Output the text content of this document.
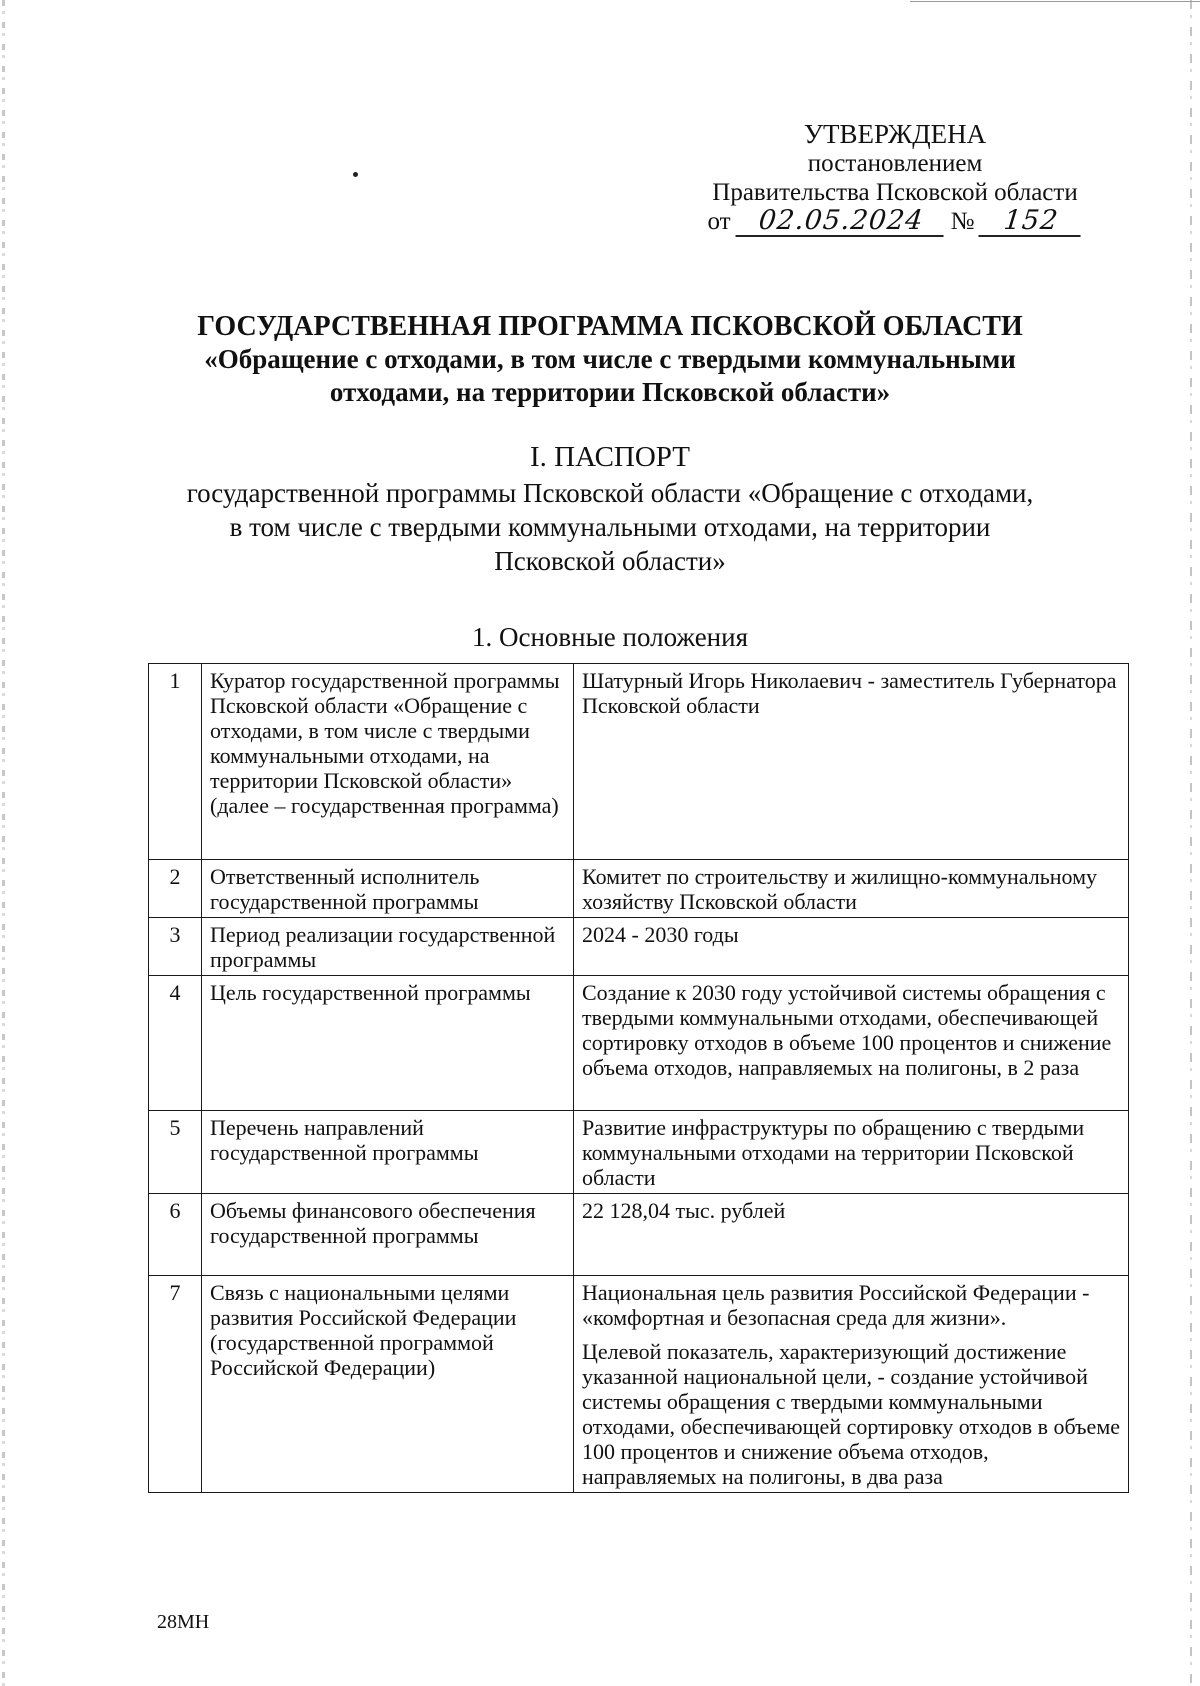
УТВЕРЖДЕНА
постановлением
Правительства Псковской области
от 02.05.2024	№	152
ГОСУДАРСТВЕННАЯ ПРОГРАММА ПСКОВСКОЙ ОБЛАСТИ
«Обращение с отходами, в том числе с твердыми коммунальными
отходами, на территории Псковской области»
I. ПАСПОРТ
государственной программы Псковской области «Обращение с отходами,
в том числе с твердыми коммунальными отходами, на территории
Псковской области»
1. Основные положения
1	Куратор государственной программы Псковской области «Обращение с отходами, в том числе с твердыми коммунальными отходами, на территории Псковской области» (далее – государственная программа)	Шатурный Игорь Николаевич - заместитель Губернатора Псковской области
2	Ответственный исполнитель государственной программы	Комитет по строительству и жилищно-коммунальному хозяйству Псковской области
3	Период реализации государственной программы	2024 - 2030 годы
4	Цель государственной программы	Создание к 2030 году устойчивой системы обращения с твердыми коммунальными отходами, обеспечивающей сортировку отходов в объеме 100 процентов и снижение объема отходов, направляемых на полигоны, в 2 раза
5	Перечень направлений государственной программы	Развитие инфраструктуры по обращению с твердыми коммунальными отходами на территории Псковской области
6	Объемы финансового обеспечения государственной программы	22 128,04 тыс. рублей
7	Связь с национальными целями развития Российской Федерации (государственной программой Российской Федерации)	Национальная цель развития Российской Федерации - «комфортная и безопасная среда для жизни».

Целевой показатель, характеризующий достижение указанной национальной цели, - создание устойчивой системы обращения с твердыми коммунальными отходами, обеспечивающей сортировку отходов в объеме 100 процентов и снижение объема отходов, направляемых на полигоны, в два раза

28МН
